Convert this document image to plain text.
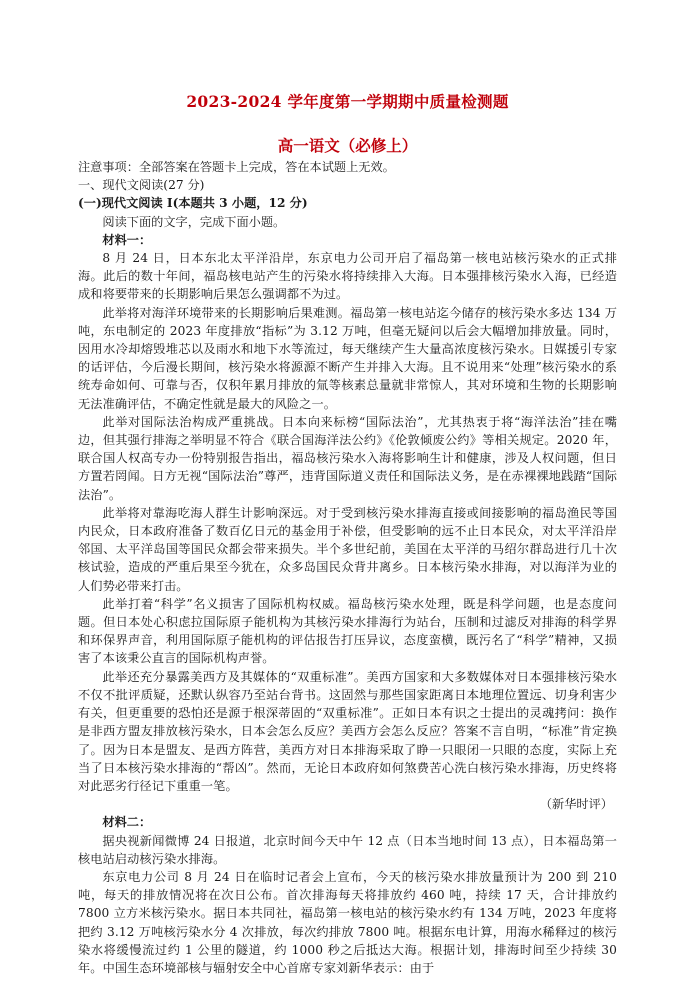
2023-2024 学年度第一学期期中质量检测题
高一语文（必修上）

注意事项：全部答案在答题卡上完成，答在本试题上无效。

一、现代文阅读(27 分)

(一)现代文阅读 I(本题共 3 小题，12 分)

阅读下面的文字，完成下面小题。

材料一：

8 月 24 日，日本东北太平洋沿岸，东京电力公司开启了福岛第一核电站核污染水的正式排海。此后的数十年间，福岛核电站产生的污染水将持续排入大海。日本强排核污染水入海，已经造成和将要带来的长期影响后果怎么强调都不为过。

此举将对海洋环境带来的长期影响后果难测。福岛第一核电站迄今储存的核污染水多达 134 万吨，东电制定的 2023 年度排放“指标”为 3.12 万吨，但毫无疑问以后会大幅增加排放量。同时，因用水冷却熔毁堆芯以及雨水和地下水等流过，每天继续产生大量高浓度核污染水。日媒援引专家的话评估，今后漫长期间，核污染水将源源不断产生并排入大海。且不说用来“处理”核污染水的系统寿命如何、可靠与否，仅积年累月排放的氚等核素总量就非常惊人，其对环境和生物的长期影响无法准确评估，不确定性就是最大的风险之一。

此举对国际法治构成严重挑战。日本向来标榜“国际法治”，尤其热衷于将“海洋法治”挂在嘴边，但其强行排海之举明显不符合《联合国海洋法公约》《伦敦倾废公约》等相关规定。2020 年，联合国人权高专办一份特别报告指出，福岛核污染水入海将影响生计和健康，涉及人权问题，但日方置若罔闻。日方无视“国际法治”尊严，违背国际道义责任和国际法义务，是在赤裸裸地践踏“国际法治”。

此举将对靠海吃海人群生计影响深远。对于受到核污染水排海直接或间接影响的福岛渔民等国内民众，日本政府准备了数百亿日元的基金用于补偿，但受影响的远不止日本民众，对太平洋沿岸邻国、太平洋岛国等国民众都会带来损失。半个多世纪前，美国在太平洋的马绍尔群岛进行几十次核试验，造成的严重后果至今犹在，众多岛国民众背井离乡。日本核污染水排海，对以海洋为业的人们势必带来打击。

此举打着“科学”名义损害了国际机构权威。福岛核污染水处理，既是科学问题，也是态度问题。但日本处心积虑拉国际原子能机构为其核污染水排海行为站台，压制和过滤反对排海的科学界和环保界声音，利用国际原子能机构的评估报告打压异议，态度蛮横，既污名了“科学”精神，又损害了本该秉公直言的国际机构声誉。

此举还充分暴露美西方及其媒体的“双重标准”。美西方国家和大多数媒体对日本强排核污染水不仅不批评质疑，还默认纵容乃至站台背书。这固然与那些国家距离日本地理位置远、切身利害少有关，但更重要的恐怕还是源于根深蒂固的“双重标准”。正如日本有识之士提出的灵魂拷问：换作是非西方盟友排放核污染水，日本会怎么反应？美西方会怎么反应？答案不言自明，“标准”肯定换了。因为日本是盟友、是西方阵营，美西方对日本排海采取了睁一只眼闭一只眼的态度，实际上充当了日本核污染水排海的“帮凶”。然而，无论日本政府如何煞费苦心洗白核污染水排海，历史终将对此恶劣行径记下重重一笔。

（新华时评）

材料二：

据央视新闻微博 24 日报道，北京时间今天中午 12 点（日本当地时间 13 点），日本福岛第一核电站启动核污染水排海。

东京电力公司 8 月 24 日在临时记者会上宣布，今天的核污染水排放量预计为 200 到 210 吨，每天的排放情况将在次日公布。首次排海每天将排放约 460 吨，持续 17 天，合计排放约 7800 立方米核污染水。据日本共同社，福岛第一核电站的核污染水约有 134 万吨，2023 年度将把约 3.12 万吨核污染水分 4 次排放，每次约排放 7800 吨。根据东电计算，用海水稀释过的核污染水将缓慢流过约 1 公里的隧道，约 1000 秒之后抵达大海。根据计划，排海时间至少持续 30 年。中国生态环境部核与辐射安全中心首席专家刘新华表示：由于
